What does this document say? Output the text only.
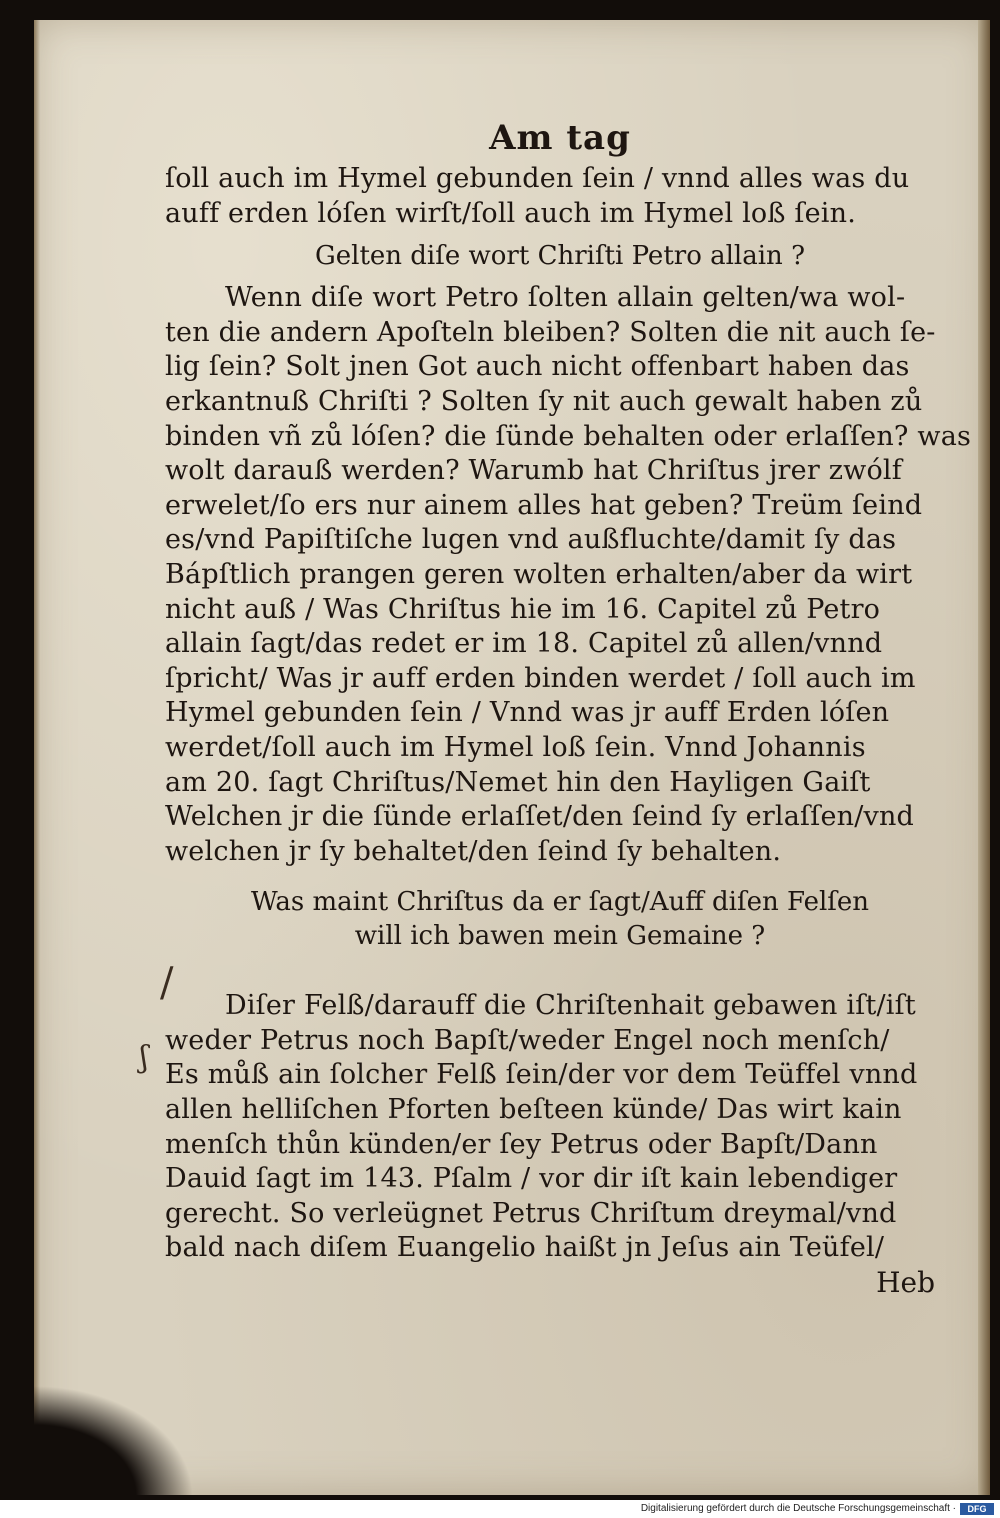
/
ʃ
Am tag
ſoll auch im Hymel gebunden ſein / vnnd alles was du
auff erden lóſen wirſt/ſoll auch im Hymel loß ſein.
Gelten diſe wort Chriſti Petro allain ?
Wenn diſe wort Petro ſolten allain gelten/wa wol-
ten die andern Apoſteln bleiben? Solten die nit auch ſe-
lig ſein? Solt jnen Got auch nicht offenbart haben das
erkantnuß Chriſti ? Solten ſy nit auch gewalt haben zů
binden vñ zů lóſen? die ſünde behalten oder erlaſſen? was
wolt darauß werden? Warumb hat Chriſtus jrer zwólf
erwelet/ſo ers nur ainem alles hat geben? Treüm ſeind
es/vnd Papiſtiſche lugen vnd außfluchte/damit ſy das
Bápſtlich prangen geren wolten erhalten/aber da wirt
nicht auß / Was Chriſtus hie im 16. Capitel zů Petro
allain ſagt/das redet er im 18. Capitel zů allen/vnnd
ſpricht/ Was jr auff erden binden werdet / ſoll auch im
Hymel gebunden ſein / Vnnd was jr auff Erden lóſen
werdet/ſoll auch im Hymel loß ſein. Vnnd Johannis
am 20. ſagt Chriſtus/Nemet hin den Hayligen Gaiſt
Welchen jr die ſünde erlaſſet/den ſeind ſy erlaſſen/vnd
welchen jr ſy behaltet/den ſeind ſy behalten.
Was maint Chriſtus da er ſagt/Auff diſen Felſen
will ich bawen mein Gemaine ?
Diſer Felß/darauff die Chriſtenhait gebawen iſt/iſt
weder Petrus noch Bapſt/weder Engel noch menſch/
Es můß ain ſolcher Felß ſein/der vor dem Teüffel vnnd
allen helliſchen Pforten beſteen künde/ Das wirt kain
menſch thůn künden/er ſey Petrus oder Bapſt/Dann
Dauid ſagt im 143. Pſalm / vor dir iſt kain lebendiger
gerecht. So verleügnet Petrus Chriſtum dreymal/vnd
bald nach diſem Euangelio haißt jn Jeſus ain Teüfel/
Heb
Digitalisierung gefördert durch die Deutsche Forschungsgemeinschaft ·	DFG
